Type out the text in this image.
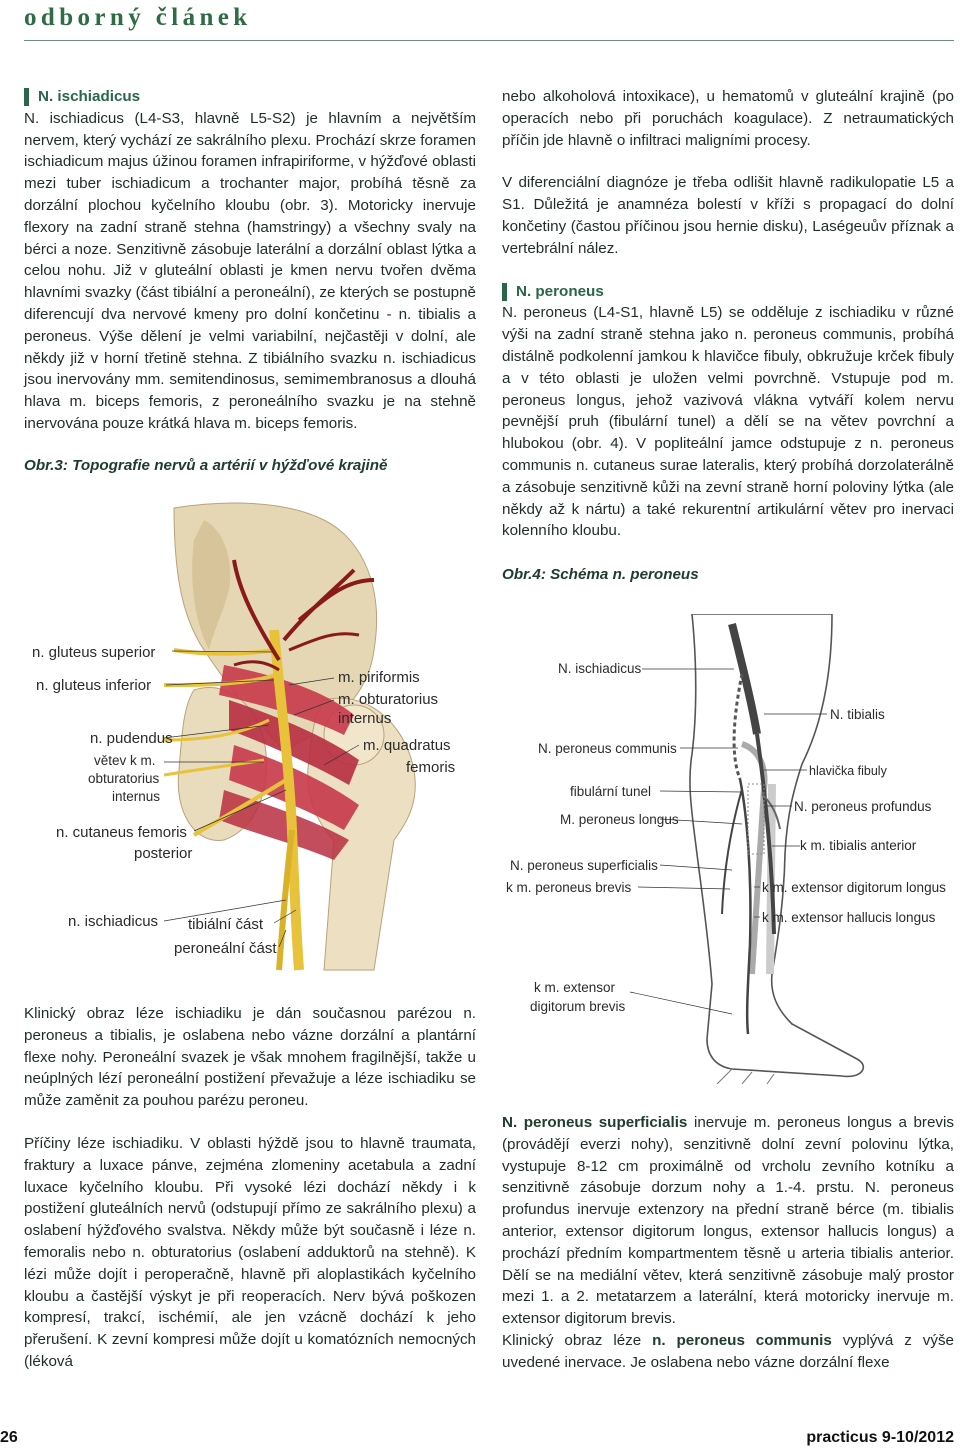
odborný článek

N. ischiadicus

N. ischiadicus (L4-S3, hlavně L5-S2) je hlavním a největším nervem, který vychází ze sakrálního plexu. Prochází skrze foramen ischiadicum majus úžinou foramen infrapiriforme, v hýžďové oblasti mezi tuber ischiadicum a trochanter major, probíhá těsně za dorzální plochou kyčelního kloubu (obr. 3). Motoricky inervuje flexory na zadní straně stehna (hamstringy) a všechny svaly na bérci a noze. Senzitivně zásobuje laterální a dorzální oblast lýtka a celou nohu. Již v gluteální oblasti je kmen nervu tvořen dvěma hlavními svazky (část tibiální a peroneální), ze kterých se postupně diferencují dva nervové kmeny pro dolní končetinu - n. tibialis a peroneus. Výše dělení je velmi variabilní, nejčastěji v dolní, ale někdy již v horní třetině stehna. Z tibiálního svazku n. ischiadicus jsou inervovány mm. semitendinosus, semimembranosus a dlouhá hlava m. biceps femoris, z peroneálního svazku je na stehně inervována pouze krátká hlava m. biceps femoris.

Obr.3: Topografie nervů a artérií v hýžďové krajině

n. gluteus superior
n. gluteus inferior	m. piriformis
m. obturatorius
internus
n. pudendus
větev k m.
obturatorius
internus
m. quadratus
femoris
n. cutaneus femoris
posterior
n. ischiadicus tibiální část
peroneální část

Klinický obraz léze ischiadiku je dán současnou parézou n. peroneus a tibialis, je oslabena nebo vázne dorzální a plantární flexe nohy. Peroneální svazek je však mnohem fragilnější, takže u neúplných lézí peroneální postižení převažuje a léze ischiadiku se může zaměnit za pouhou parézu peroneu.

Příčiny léze ischiadiku. V oblasti hýždě jsou to hlavně traumata, fraktury a luxace pánve, zejména zlomeniny acetabula a zadní luxace kyčelního kloubu. Při vysoké lézi dochází někdy i k postižení gluteálních nervů (odstupují přímo ze sakrálního plexu) a oslabení hýžďového svalstva. Někdy může být současně i léze n. femoralis nebo n. obturatorius (oslabení adduktorů na stehně). K lézi může dojít i peroperačně, hlavně při aloplastikách kyčelního kloubu a častější výskyt je při reoperacích. Nerv bývá poškozen kompresí, trakcí, ischémií, ale jen vzácně dochází k jeho přerušení. K zevní kompresi může dojít u komatózních nemocných (léková

nebo alkoholová intoxikace), u hematomů v gluteální krajině (po operacích nebo při poruchách koagulace). Z netraumatických příčin jde hlavně o infiltraci maligními procesy.

V diferenciální diagnóze je třeba odlišit hlavně radikulopatie L5 a S1. Důležitá je anamnéza bolestí v kříži s propagací do dolní končetiny (častou příčinou jsou hernie disku), Laségeuův příznak a vertebrální nález.

N. peroneus

N. peroneus (L4-S1, hlavně L5) se odděluje z ischiadiku v různé výši na zadní straně stehna jako n. peroneus communis, probíhá distálně podkolenní jamkou k hlavičce fibuly, obkružuje krček fibuly a v této oblasti je uložen velmi povrchně. Vstupuje pod m. peroneus longus, jehož vazivová vlákna vytváří kolem nervu pevnější pruh (fibulární tunel) a dělí se na větev povrchní a hlubokou (obr. 4). V popliteální jamce odstupuje z n. peroneus communis n. cutaneus surae lateralis, který probíhá dorzolaterálně a zásobuje senzitivně kůži na zevní straně horní poloviny lýtka (ale někdy až k nártu) a také rekurentní artikulární větev pro inervaci kolenního kloubu.

Obr.4: Schéma n. peroneus

N. ischiadicus
N. tibialis
N. peroneus communis
hlavička fibuly
fibulární tunel
N. peroneus profundus
M. peroneus longus
k m. tibialis anterior
N. peroneus superficialis
k m. peroneus brevis	k m. extensor digitorum longus
k m. extensor hallucis longus
k m. extensor
digitorum brevis

N. peroneus superficialis inervuje m. peroneus longus a brevis (provádějí everzi nohy), senzitivně dolní zevní polovinu lýtka, vystupuje 8-12 cm proximálně od vrcholu zevního kotníku a senzitivně zásobuje dorzum nohy a 1.-4. prstu. N. peroneus profundus inervuje extenzory na přední straně bérce (m. tibialis anterior, extensor digitorum longus, extensor hallucis longus) a prochází předním kompartmentem těsně u arteria tibialis anterior. Dělí se na mediální větev, která senzitivně zásobuje malý prostor mezi 1. a 2. metatarzem a laterální, která motoricky inervuje m. extensor digitorum brevis.

Klinický obraz léze n. peroneus communis vyplývá z výše uvedené inervace. Je oslabena nebo vázne dorzální flexe

26	practicus 9-10/2012
